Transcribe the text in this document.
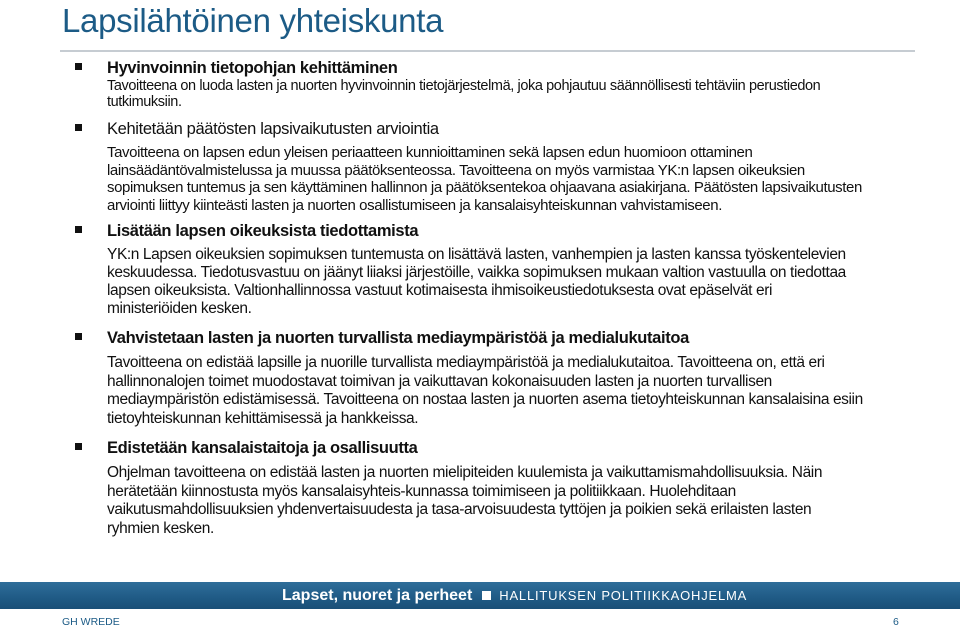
Lapsilähtöinen yhteiskunta
Hyvinvoinnin tietopohjan kehittäminen
Tavoitteena on luoda lasten ja nuorten hyvinvoinnin tietojärjestelmä, joka pohjautuu säännöllisesti tehtäviin perustiedon tutkimuksiin.
Kehitetään päätösten lapsivaikutusten arviointia
Tavoitteena on lapsen edun yleisen periaatteen kunnioittaminen sekä lapsen edun huomioon ottaminen lainsäädäntövalmistelussa ja muussa päätöksenteossa. Tavoitteena on myös varmistaa YK:n lapsen oikeuksien sopimuksen tuntemus ja sen käyttäminen hallinnon ja päätöksentekoa ohjaavana asiakirjana. Päätösten lapsivaikutusten arviointi liittyy kiinteästi lasten ja nuorten osallistumiseen ja kansalaisyhteiskunnan vahvistamiseen.
Lisätään lapsen oikeuksista tiedottamista
YK:n Lapsen oikeuksien sopimuksen tuntemusta on lisättävä lasten, vanhempien ja lasten kanssa työskentelevien keskuudessa. Tiedotusvastuu on jäänyt liiaksi järjestöille, vaikka sopimuksen mukaan valtion vastuulla on tiedottaa lapsen oikeuksista. Valtionhallinnossa vastuut kotimaisesta ihmisoikeustiedotuksesta ovat epäselvät eri ministeriöiden kesken.
Vahvistetaan lasten ja nuorten turvallista mediaympäristöä ja medialukutaitoa
Tavoitteena on edistää lapsille ja nuorille turvallista mediaympäristöä ja medialukutaitoa. Tavoitteena on, että eri hallinnonalojen toimet muodostavat toimivan ja vaikuttavan kokonaisuuden lasten ja nuorten turvallisen mediaympäristön edistämisessä. Tavoitteena on nostaa lasten ja nuorten asema tietoyhteiskunnan kansalaisina esiin tietoyhteiskunnan kehittämisessä ja hankkeissa.
Edistetään kansalaistaitoja ja osallisuutta
Ohjelman tavoitteena on edistää lasten ja nuorten mielipiteiden kuulemista ja vaikuttamismahdollisuuksia. Näin herätetään kiinnostusta myös kansalaisyhteis-kunnassa toimimiseen ja politiikkaan. Huolehditaan vaikutusmahdollisuuksien yhdenvertaisuudesta ja tasa-arvoisuudesta tyttöjen ja poikien sekä erilaisten lasten ryhmien kesken.
Lapset, nuoret ja perheet HALLITUKSEN POLITIIKKAOHJELMA
GH WREDE	6
